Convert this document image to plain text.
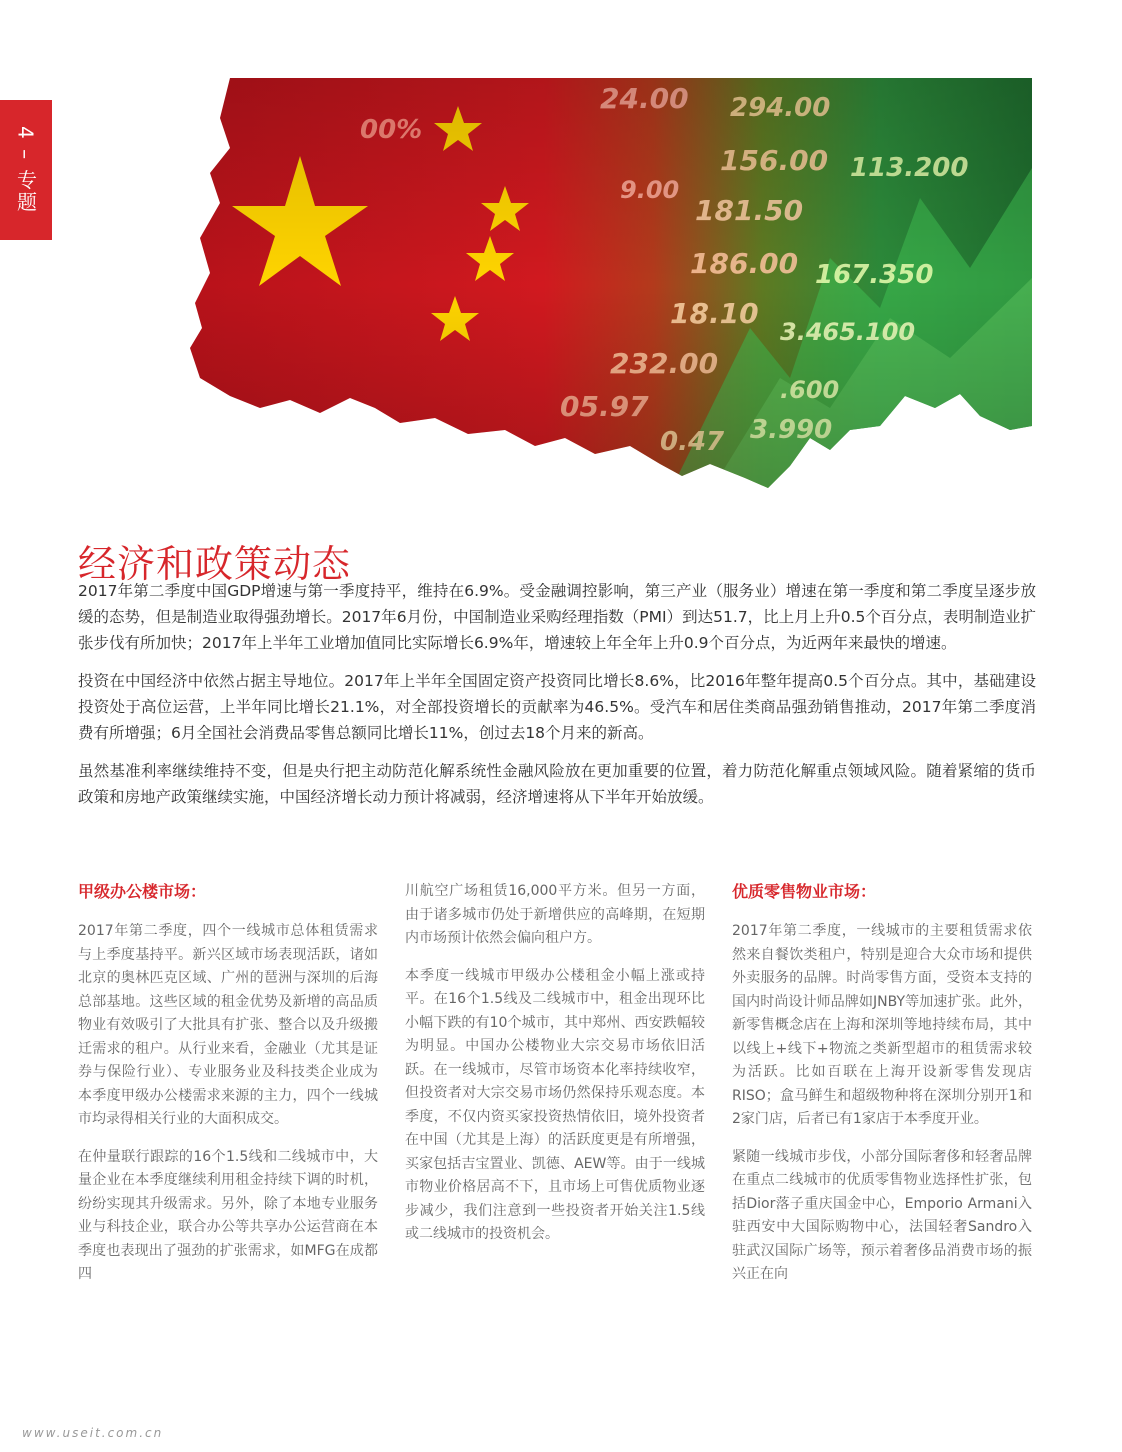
4 – 专题
经济和政策动态

2017年第二季度中国GDP增速与第一季度持平，维持在6.9%。受金融调控影响，第三产业（服务业）增速在第一季度和第二季度呈逐步放缓的态势，但是制造业取得强劲增长。2017年6月份，中国制造业采购经理指数（PMI）到达51.7，比上月上升0.5个百分点，表明制造业扩张步伐有所加快；2017年上半年工业增加值同比实际增长6.9%年，增速较上年全年上升0.9个百分点，为近两年来最快的增速。

投资在中国经济中依然占据主导地位。2017年上半年全国固定资产投资同比增长8.6%，比2016年整年提高0.5个百分点。其中，基础建设投资处于高位运营，上半年同比增长21.1%，对全部投资增长的贡献率为46.5%。受汽车和居住类商品强劲销售推动，2017年第二季度消费有所增强；6月全国社会消费品零售总额同比增长11%，创过去18个月来的新高。

虽然基准利率继续维持不变，但是央行把主动防范化解系统性金融风险放在更加重要的位置，着力防范化解重点领域风险。随着紧缩的货币政策和房地产政策继续实施，中国经济增长动力预计将减弱，经济增速将从下半年开始放缓。

甲级办公楼市场：

2017年第二季度，四个一线城市总体租赁需求与上季度基持平。新兴区域市场表现活跃，诸如北京的奥林匹克区域、广州的琶洲与深圳的后海总部基地。这些区域的租金优势及新增的高品质物业有效吸引了大批具有扩张、整合以及升级搬迁需求的租户。从行业来看，金融业（尤其是证券与保险行业）、专业服务业及科技类企业成为本季度甲级办公楼需求来源的主力，四个一线城市均录得相关行业的大面积成交。

在仲量联行跟踪的16个1.5线和二线城市中，大量企业在本季度继续利用租金持续下调的时机，纷纷实现其升级需求。另外，除了本地专业服务业与科技企业，联合办公等共享办公运营商在本季度也表现出了强劲的扩张需求，如MFG在成都四

川航空广场租赁16,000平方米。但另一方面，由于诸多城市仍处于新增供应的高峰期，在短期内市场预计依然会偏向租户方。

本季度一线城市甲级办公楼租金小幅上涨或持平。在16个1.5线及二线城市中，租金出现环比小幅下跌的有10个城市，其中郑州、西安跌幅较为明显。中国办公楼物业大宗交易市场依旧活跃。在一线城市，尽管市场资本化率持续收窄，但投资者对大宗交易市场仍然保持乐观态度。本季度，不仅内资买家投资热情依旧，境外投资者在中国（尤其是上海）的活跃度更是有所增强，买家包括吉宝置业、凯德、AEW等。由于一线城市物业价格居高不下，且市场上可售优质物业逐步减少，我们注意到一些投资者开始关注1.5线或二线城市的投资机会。

优质零售物业市场：

2017年第二季度，一线城市的主要租赁需求依然来自餐饮类租户，特别是迎合大众市场和提供外卖服务的品牌。时尚零售方面，受资本支持的国内时尚设计师品牌如JNBY等加速扩张。此外，新零售概念店在上海和深圳等地持续布局，其中以线上+线下+物流之类新型超市的租赁需求较为活跃。比如百联在上海开设新零售发现店RISO；盒马鲜生和超级物种将在深圳分别开1和2家门店，后者已有1家店于本季度开业。

紧随一线城市步伐，小部分国际奢侈和轻奢品牌在重点二线城市的优质零售物业选择性扩张，包括Dior落子重庆国金中心，Emporio Armani入驻西安中大国际购物中心，法国轻奢Sandro入驻武汉国际广场等，预示着奢侈品消费市场的振兴正在向

www.useit.com.cn
